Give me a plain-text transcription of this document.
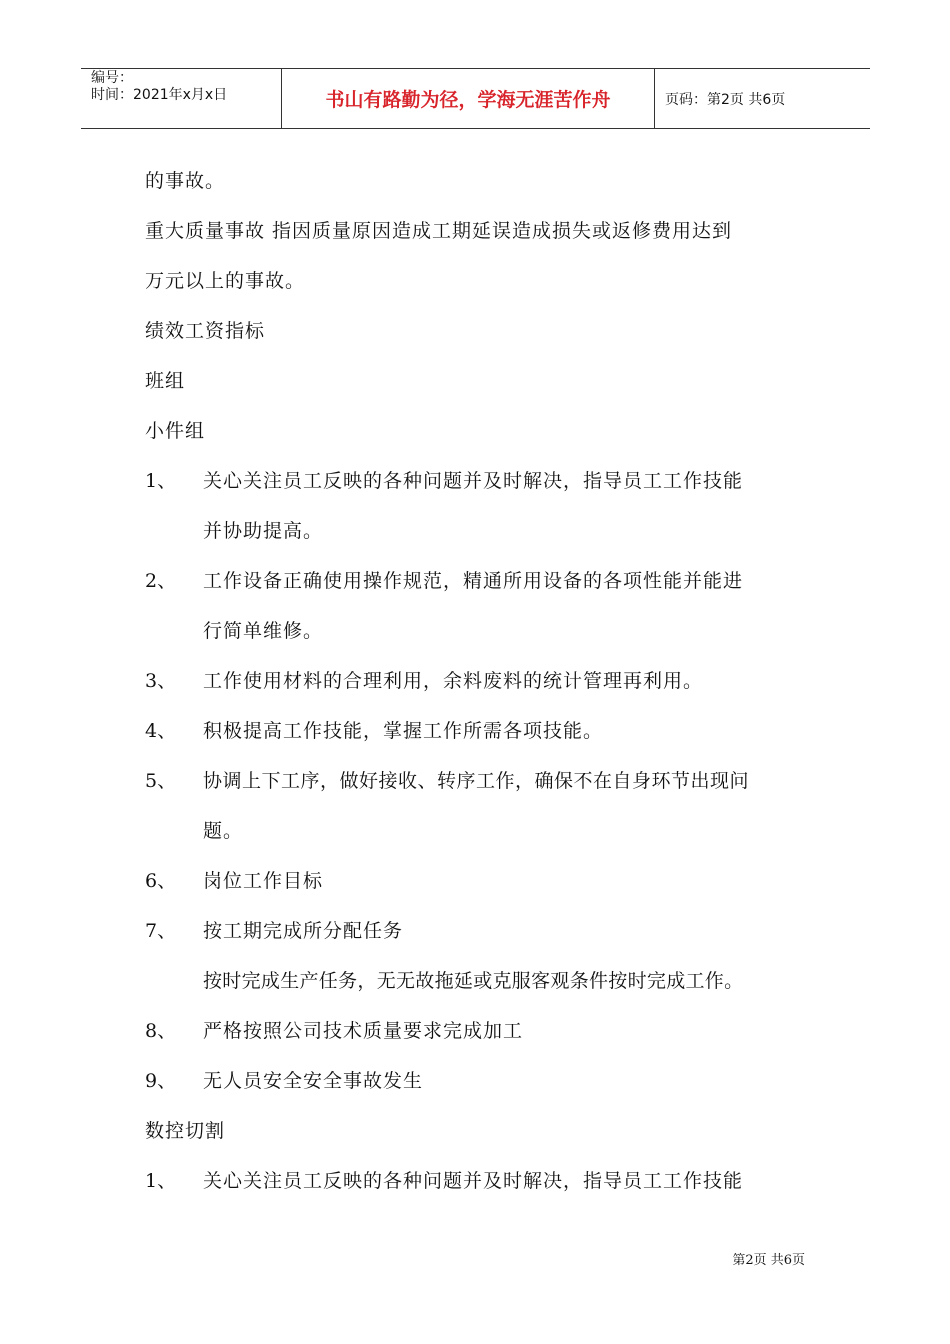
编号：
时间：2021年x月x日	书山有路勤为径，学海无涯苦作舟	页码：第2页 共6页
的事故。
重大质量事故 指因质量原因造成工期延误造成损失或返修费用达到
万元以上的事故。
绩效工资指标
班组
小件组
1、 关心关注员工反映的各种问题并及时解决，指导员工工作技能
并协助提高。
2、 工作设备正确使用操作规范，精通所用设备的各项性能并能进
行简单维修。
3、 工作使用材料的合理利用，余料废料的统计管理再利用。
4、 积极提高工作技能，掌握工作所需各项技能。
5、 协调上下工序，做好接收、转序工作，确保不在自身环节出现问
题。
6、 岗位工作目标
7、 按工期完成所分配任务
按时完成生产任务，无无故拖延或克服客观条件按时完成工作。
8、 严格按照公司技术质量要求完成加工
9、 无人员安全安全事故发生
数控切割
1、 关心关注员工反映的各种问题并及时解决，指导员工工作技能
第2页 共6页
